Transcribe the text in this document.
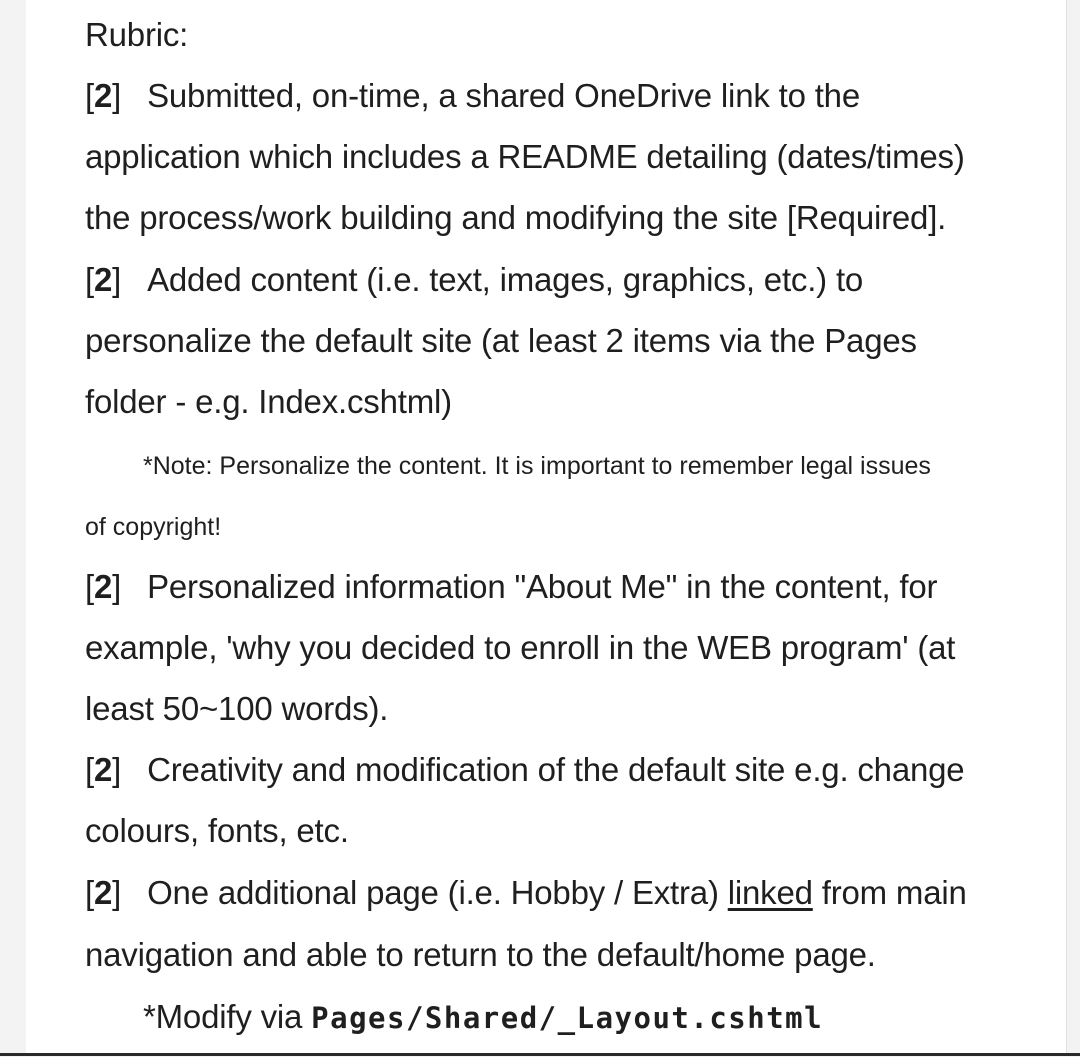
Rubric:
[2] Submitted, on-time, a shared OneDrive link to the
application which includes a README detailing (dates/times)
the process/work building and modifying the site [Required].
[2] Added content (i.e. text, images, graphics, etc.) to
personalize the default site (at least 2 items via the Pages
folder - e.g. Index.cshtml)
*Note: Personalize the content. It is important to remember legal issues
of copyright!
[2] Personalized information "About Me" in the content, for
example, 'why you decided to enroll in the WEB program' (at
least 50~100 words).
[2] Creativity and modification of the default site e.g. change
colours, fonts, etc.
[2] One additional page (i.e. Hobby / Extra) linked from main
navigation and able to return to the default/home page.
*Modify via Pages/Shared/_Layout.cshtml
